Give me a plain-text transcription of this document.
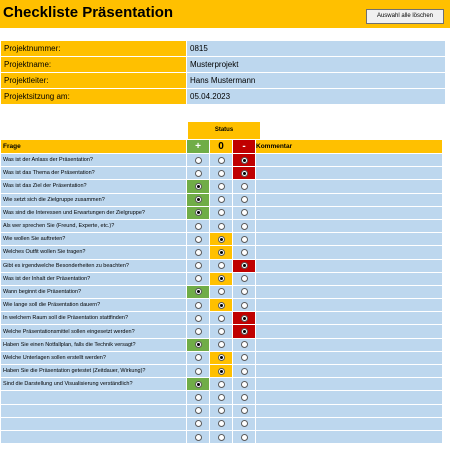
Checkliste Präsentation	Auswahl alle löschen
Projektnummer:	0815
Projektname:	Musterprojekt
Projektleiter:	Hans Mustermann
Projektsitzung am:	05.04.2023
Status
Frage	+	0	-	Kommentar
Was ist der Anlass der Präsentation?				
Was ist das Thema der Präsentation?				
Was ist das Ziel der Präsentation?				
Wie setzt sich die Zielgruppe zusammen?				
Was sind die Interessen und Erwartungen der Zielgruppe?				
Als wer sprechen Sie (Freund, Experte, etc.)?				
Wie wollen Sie auftreten?				
Welches Outfit wollen Sie tragen?				
Gibt es irgendwelche Besonderheiten zu beachten?				
Was ist der Inhalt der Präsentation?				
Wann beginnt die Präsentation?				
Wie lange soll die Präsentation dauern?				
In welchem Raum soll die Präsentation stattfinden?				
Welche Präsentationsmittel sollen eingesetzt werden?				
Haben Sie einen Notfallplan, falls die Technik versagt?				
Welche Unterlagen sollen erstellt werden?				
Haben Sie die Präsentation getestet (Zeitdauer, Wirkung)?				
Sind die Darstellung und Visualisierung verständlich?				
